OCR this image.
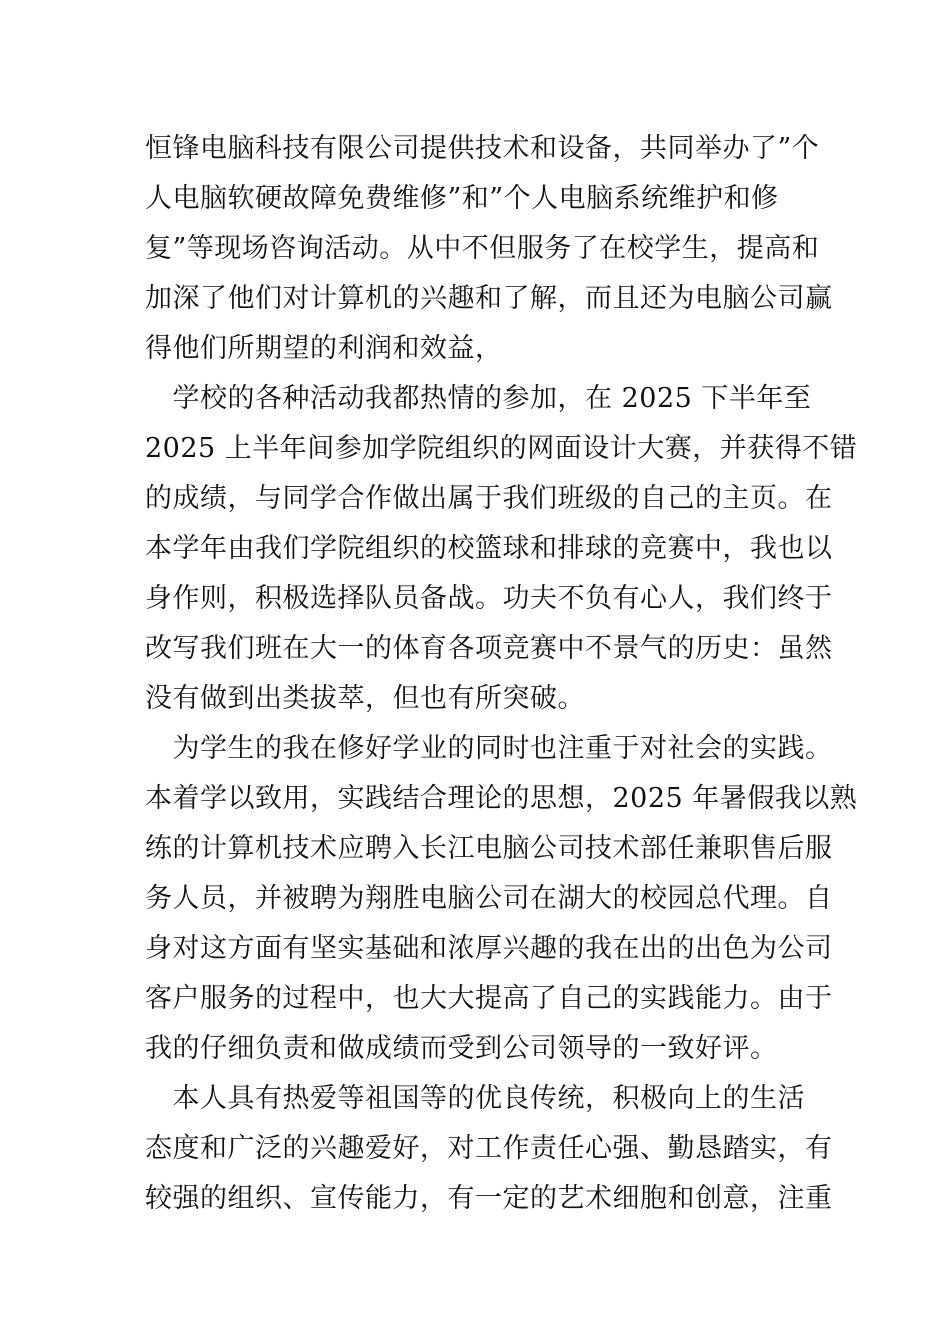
恒锋电脑科技有限公司提供技术和设备，共同举办了”个
人电脑软硬故障免费维修”和”个人电脑系统维护和修
复”等现场咨询活动。从中不但服务了在校学生，提高和
加深了他们对计算机的兴趣和了解，而且还为电脑公司赢
得他们所期望的利润和效益，
　学校的各种活动我都热情的参加，在 2025 下半年至
2025 上半年间参加学院组织的网面设计大赛，并获得不错
的成绩，与同学合作做出属于我们班级的自己的主页。在
本学年由我们学院组织的校篮球和排球的竞赛中，我也以
身作则，积极选择队员备战。功夫不负有心人，我们终于
改写我们班在大一的体育各项竞赛中不景气的历史：虽然
没有做到出类拔萃，但也有所突破。
　为学生的我在修好学业的同时也注重于对社会的实践。
本着学以致用，实践结合理论的思想，2025 年暑假我以熟
练的计算机技术应聘入长江电脑公司技术部任兼职售后服
务人员，并被聘为翔胜电脑公司在湖大的校园总代理。自
身对这方面有坚实基础和浓厚兴趣的我在出的出色为公司
客户服务的过程中，也大大提高了自己的实践能力。由于
我的仔细负责和做成绩而受到公司领导的一致好评。
　本人具有热爱等祖国等的优良传统，积极向上的生活
态度和广泛的兴趣爱好，对工作责任心强、勤恳踏实，有
较强的组织、宣传能力，有一定的艺术细胞和创意，注重
